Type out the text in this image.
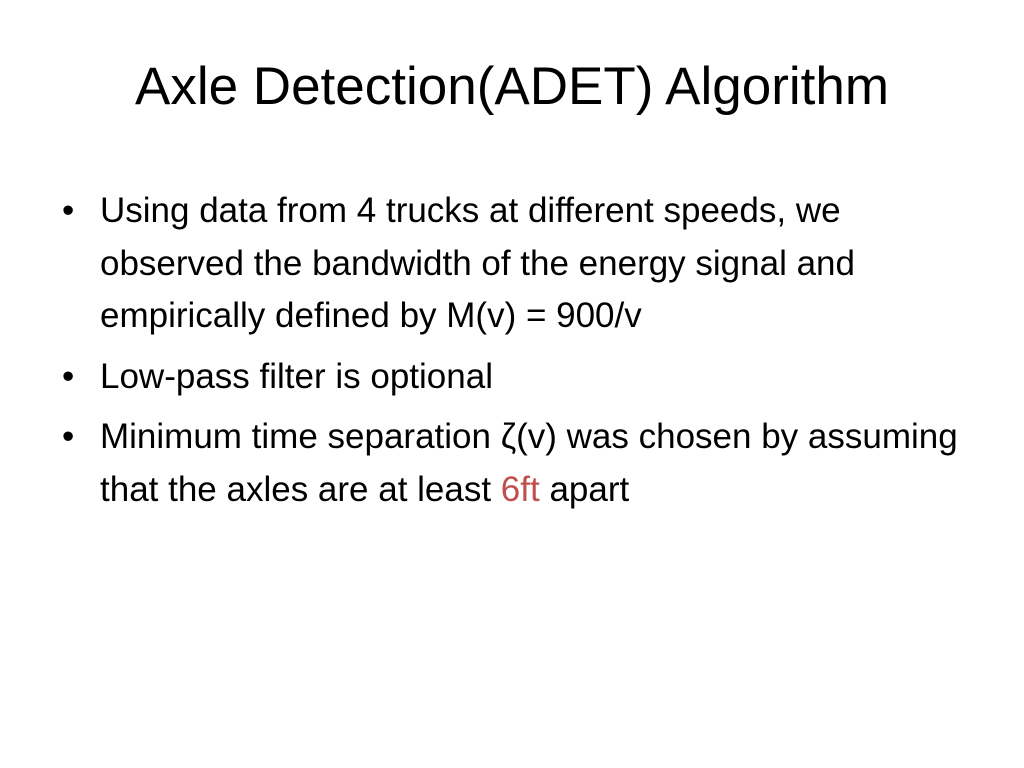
Axle Detection(ADET) Algorithm
• Using data from 4 trucks at different speeds, we observed the bandwidth of the energy signal and empirically defined by M(v) = 900/v
• Low-pass filter is optional
• Minimum time separation ζ(v) was chosen by assuming that the axles are at least 6ft apart
